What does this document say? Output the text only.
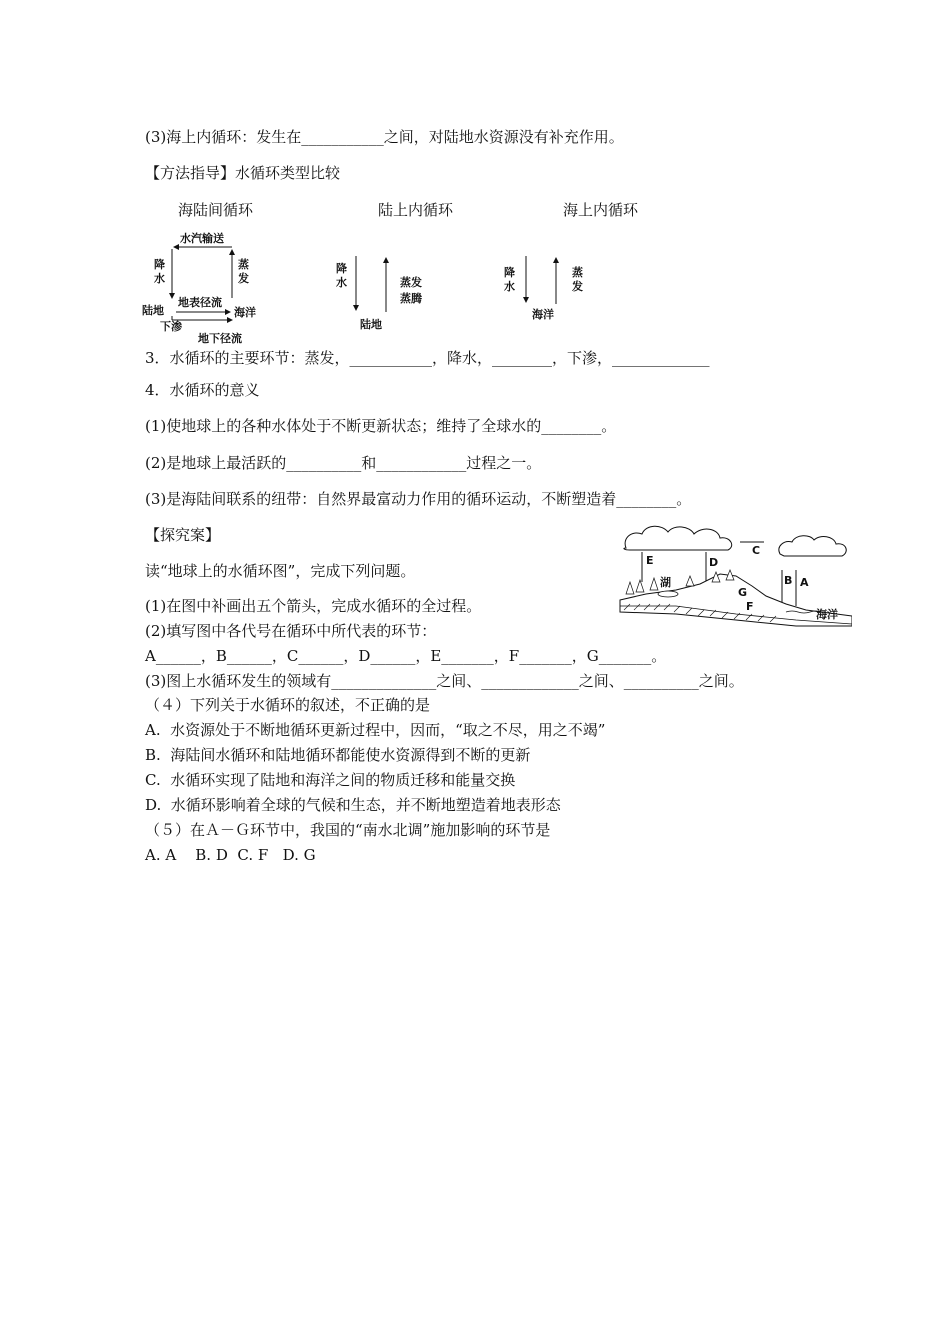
(3)海上内循环：发生在___________之间，对陆地水资源没有补充作用。
【方法指导】水循环类型比较
海陆间循环	陆上内循环	海上内循环
水汽输送
降
水
蒸
发
陆地
地表径流
海洋
下渗
地下径流
降
水	蒸发
蒸腾
陆地
降
水
蒸
发
海洋
3．水循环的主要环节：蒸发，___________，降水，________，下渗，_____________
4．水循环的意义
(1)使地球上的各种水体处于不断更新状态；维持了全球水的________。
(2)是地球上最活跃的__________和____________过程之一。
(3)是海陆间联系的纽带：自然界最富动力作用的循环运动，不断塑造着________。
【探究案】
读“地球上的水循环图”，完成下列问题。
E	D
C
B A
F
G
湖
海洋
(1)在图中补画出五个箭头，完成水循环的全过程。
(2)填写图中各代号在循环中所代表的环节：
A______，B______，C______，D______，E_______，F_______，G_______。
(3)图上水循环发生的领域有______________之间、_____________之间、__________之间。
（４）下列关于水循环的叙述，不正确的是
A.  水资源处于不断地循环更新过程中，因而，“取之不尽，用之不竭”
B.  海陆间水循环和陆地循环都能使水资源得到不断的更新
C.  水循环实现了陆地和海洋之间的物质迁移和能量交换
D.  水循环影响着全球的气候和生态，并不断地塑造着地表形态
（５）在Ａ－Ｇ环节中，我国的“南水北调”施加影响的环节是
A. A    B. D  C. F   D. G
